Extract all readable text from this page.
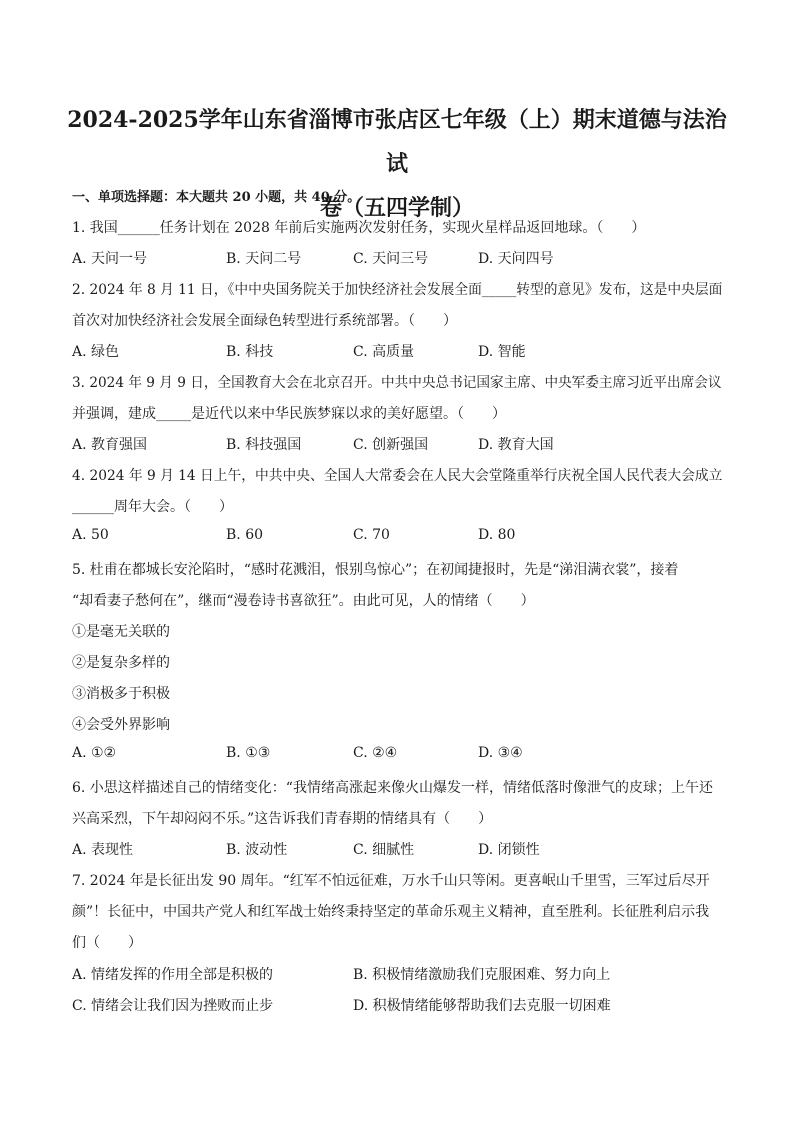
2024-2025学年山东省淄博市张店区七年级（上）期末道德与法治试
卷（五四学制）
一、单项选择题：本大题共 20 小题，共 40 分。
1. 我国______任务计划在 2028 年前后实施两次发射任务，实现火星样品返回地球。（　　）
A. 天问一号	B. 天问二号	C. 天问三号	D. 天问四号
2. 2024 年 8 月 11 日，《中中央国务院关于加快经济社会发展全面_____转型的意见》发布，这是中央层面
首次对加快经济社会发展全面绿色转型进行系统部署。（　　）
A. 绿色	B. 科技	C. 高质量	D. 智能
3. 2024 年 9 月 9 日，全国教育大会在北京召开。中共中央总书记国家主席、中央军委主席习近平出席会议
并强调，建成_____是近代以来中华民族梦寐以求的美好愿望。（　　）
A. 教育强国	B. 科技强国	C. 创新强国	D. 教育大国
4. 2024 年 9 月 14 日上午，中共中央、全国人大常委会在人民大会堂隆重举行庆祝全国人民代表大会成立
______周年大会。（　　）
A. 50	B. 60	C. 70	D. 80
5. 杜甫在都城长安沦陷时，“感时花溅泪，恨别鸟惊心”；在初闻捷报时，先是“涕泪满衣裳”，接着
“却看妻子愁何在”，继而“漫卷诗书喜欲狂”。由此可见，人的情绪（　　）
①是毫无关联的
②是复杂多样的
③消极多于积极
④会受外界影响
A. ①②	B. ①③	C. ②④	D. ③④
6. 小思这样描述自己的情绪变化：“我情绪高涨起来像火山爆发一样，情绪低落时像泄气的皮球；上午还
兴高采烈，下午却闷闷不乐。”这告诉我们青春期的情绪具有（　　）
A. 表现性	B. 波动性	C. 细腻性	D. 闭锁性
7. 2024 年是长征出发 90 周年。“红军不怕远征难，万水千山只等闲。更喜岷山千里雪，三军过后尽开
颜”！长征中，中国共产党人和红军战士始终秉持坚定的革命乐观主义精神，直至胜利。长征胜利启示我
们（　　）
A. 情绪发挥的作用全部是积极的	B. 积极情绪激励我们克服困难、努力向上
C. 情绪会让我们因为挫败而止步	D. 积极情绪能够帮助我们去克服一切困难
